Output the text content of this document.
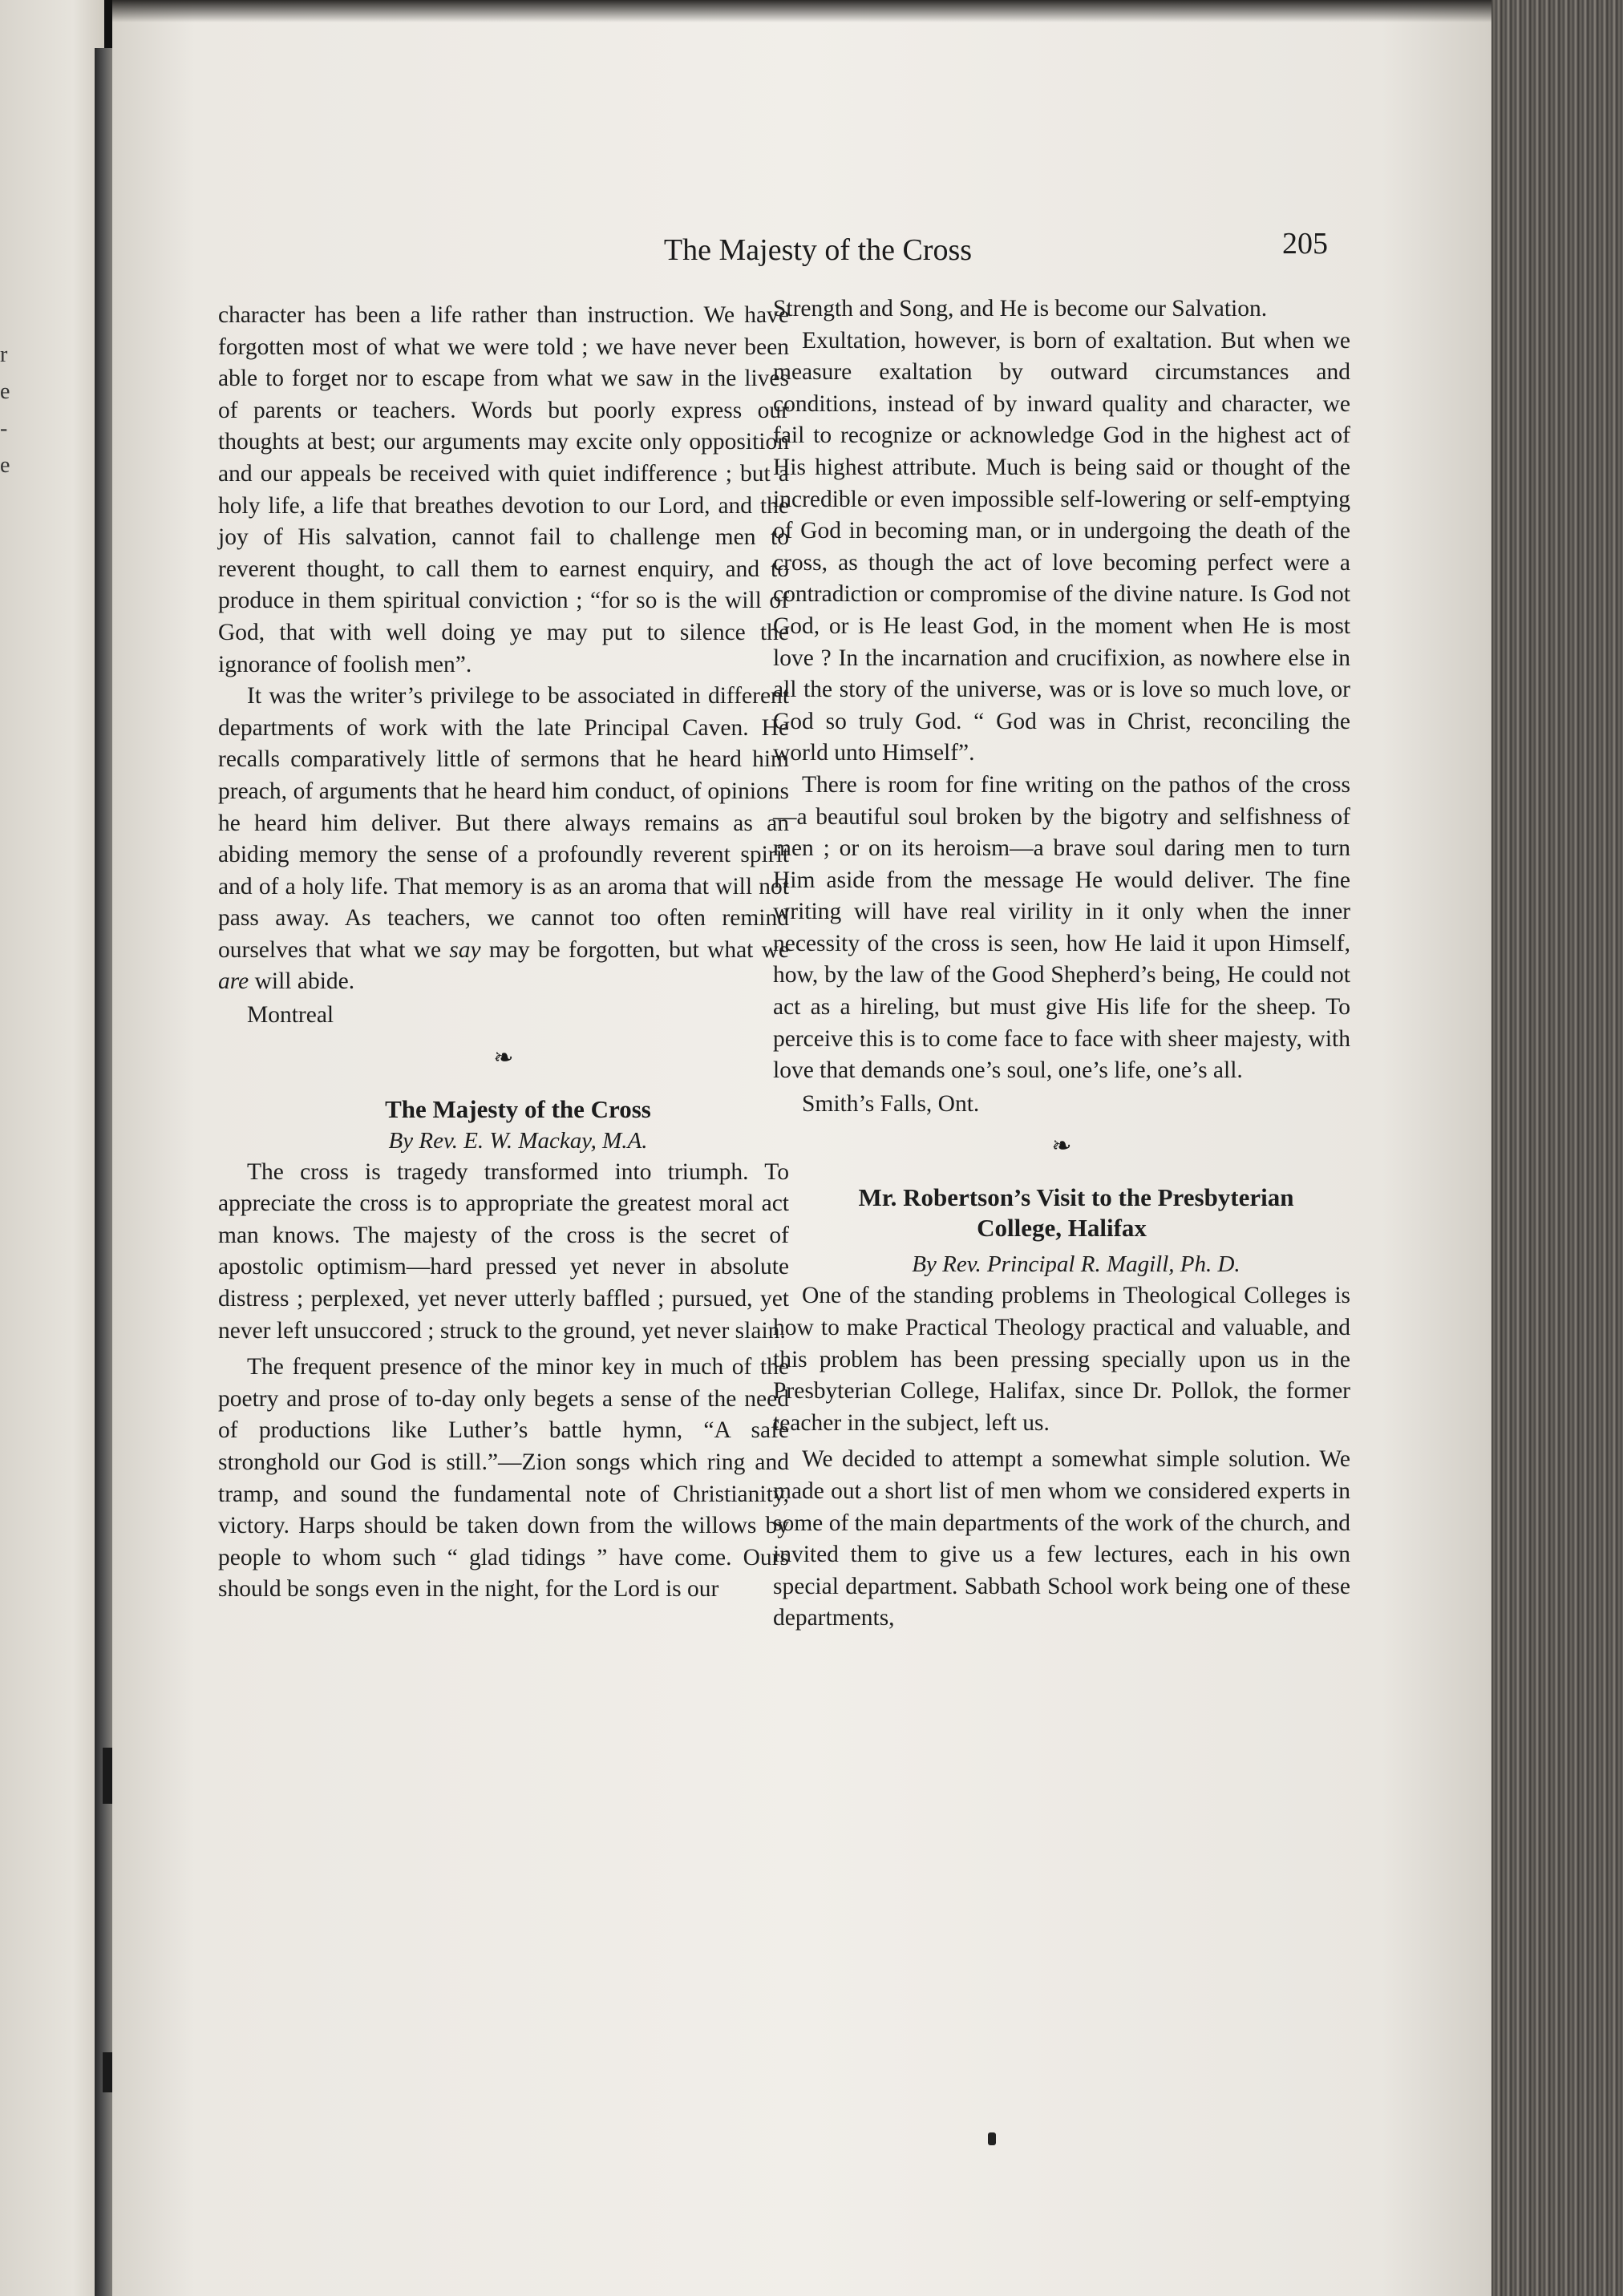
r
e
-
e
The Majesty of the Cross	205

character has been a life rather than instruction. We have forgotten most of what we were told ; we have never been able to forget nor to escape from what we saw in the lives of parents or teachers. Words but poorly express our thoughts at best; our arguments may excite only opposition and our appeals be received with quiet indifference ; but a holy life, a life that breathes devotion to our Lord, and the joy of His salvation, cannot fail to challenge men to reverent thought, to call them to earnest enquiry, and to produce in them spiritual conviction ; “for so is the will of God, that with well doing ye may put to silence the ignorance of foolish men”.

It was the writer’s privilege to be associated in different departments of work with the late Principal Caven. He recalls comparatively little of sermons that he heard him preach, of arguments that he heard him conduct, of opinions he heard him deliver. But there always remains as an abiding memory the sense of a profoundly reverent spirit and of a holy life. That memory is as an aroma that will not pass away. As teachers, we cannot too often remind ourselves that what we say may be forgotten, but what we are will abide.

Montreal

❧

The Majesty of the Cross

By Rev. E. W. Mackay, M.A.

The cross is tragedy transformed into triumph. To appreciate the cross is to appropriate the greatest moral act man knows. The majesty of the cross is the secret of apostolic optimism—hard pressed yet never in absolute distress ; perplexed, yet never utterly baffled ; pursued, yet never left unsuccored ; struck to the ground, yet never slain.

The frequent presence of the minor key in much of the poetry and prose of to-day only begets a sense of the need of productions like Luther’s battle hymn, “A safe stronghold our God is still.”—Zion songs which ring and tramp, and sound the fundamental note of Christianity, victory. Harps should be taken down from the willows by people to whom such “ glad tidings ” have come. Ours should be songs even in the night, for the Lord is our

Strength and Song, and He is become our Salvation.

Exultation, however, is born of exaltation. But when we measure exaltation by outward circumstances and conditions, instead of by inward quality and character, we fail to recognize or acknowledge God in the highest act of His highest attribute. Much is being said or thought of the incredible or even impossible self-lowering or self-emptying of God in becoming man, or in undergoing the death of the cross, as though the act of love becoming perfect were a contradiction or compromise of the divine nature. Is God not God, or is He least God, in the moment when He is most love ? In the incarnation and crucifixion, as nowhere else in all the story of the universe, was or is love so much love, or God so truly God. “ God was in Christ, reconciling the world unto Himself”.

There is room for fine writing on the pathos of the cross—a beautiful soul broken by the bigotry and selfishness of men ; or on its heroism—a brave soul daring men to turn Him aside from the message He would deliver. The fine writing will have real virility in it only when the inner necessity of the cross is seen, how He laid it upon Himself, how, by the law of the Good Shepherd’s being, He could not act as a hireling, but must give His life for the sheep. To perceive this is to come face to face with sheer majesty, with love that demands one’s soul, one’s life, one’s all.

Smith’s Falls, Ont.

❧

Mr. Robertson’s Visit to the Presbyterian
College, Halifax

By Rev. Principal R. Magill, Ph. D.

One of the standing problems in Theological Colleges is how to make Practical Theology practical and valuable, and this problem has been pressing specially upon us in the Presbyterian College, Halifax, since Dr. Pollok, the former teacher in the subject, left us.

We decided to attempt a somewhat simple solution. We made out a short list of men whom we considered experts in some of the main departments of the work of the church, and invited them to give us a few lectures, each in his own special department. Sabbath School work being one of these departments,
